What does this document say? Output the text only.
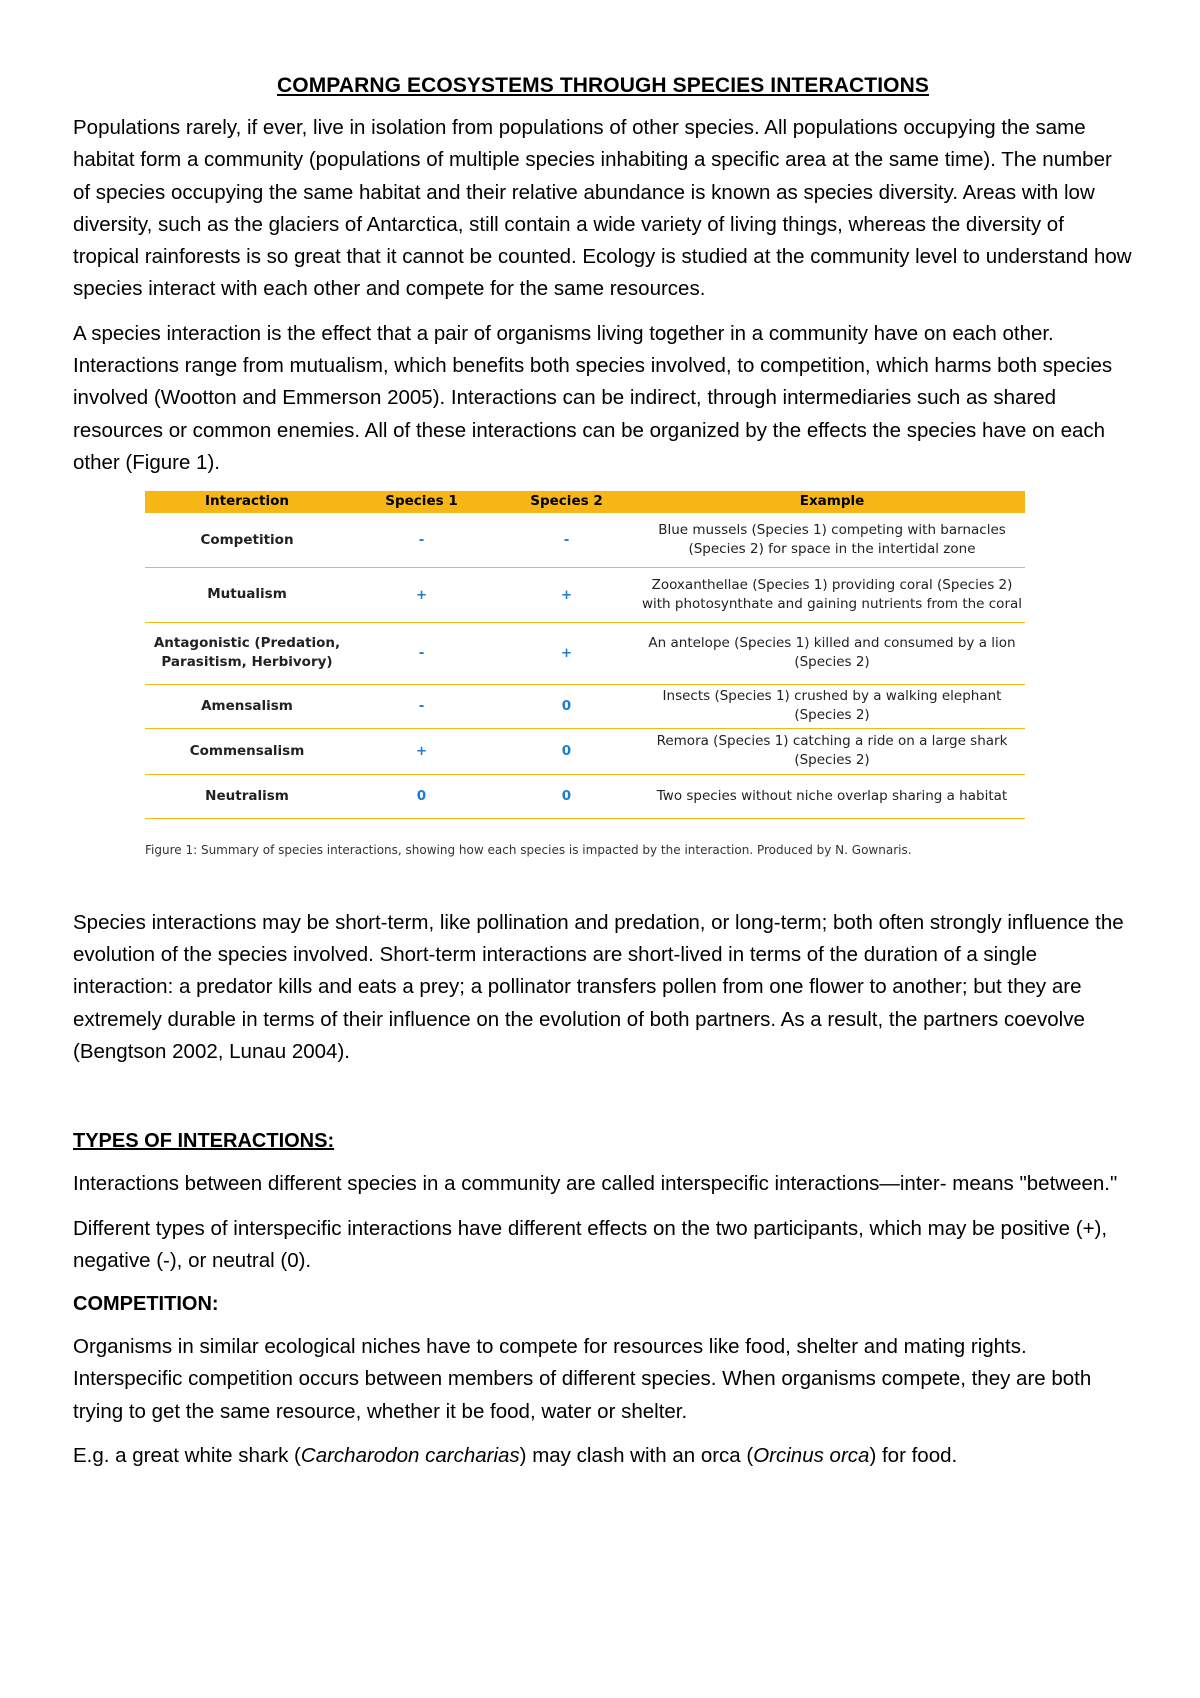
COMPARNG ECOSYSTEMS THROUGH SPECIES INTERACTIONS

Populations rarely, if ever, live in isolation from populations of other species. All populations occupying the same habitat form a community (populations of multiple species inhabiting a specific area at the same time). The number of species occupying the same habitat and their relative abundance is known as species diversity. Areas with low diversity, such as the glaciers of Antarctica, still contain a wide variety of living things, whereas the diversity of tropical rainforests is so great that it cannot be counted. Ecology is studied at the community level to understand how species interact with each other and compete for the same resources.

A species interaction is the effect that a pair of organisms living together in a community have on each other. Interactions range from mutualism, which benefits both species involved, to competition, which harms both species involved (Wootton and Emmerson 2005). Interactions can be indirect, through intermediaries such as shared resources or common enemies. All of these interactions can be organized by the effects the species have on each other (Figure 1).

Interaction	Species 1	Species 2	Example
Competition	-	-	Blue mussels (Species 1) competing with barnacles (Species 2) for space in the intertidal zone
Mutualism	+	+	Zooxanthellae (Species 1) providing coral (Species 2) with photosynthate and gaining nutrients from the coral
Antagonistic (Predation, Parasitism, Herbivory)	-	+	An antelope (Species 1) killed and consumed by a lion (Species 2)
Amensalism	-	0	Insects (Species 1) crushed by a walking elephant (Species 2)
Commensalism	+	0	Remora (Species 1) catching a ride on a large shark (Species 2)
Neutralism	0	0	Two species without niche overlap sharing a habitat
Figure 1: Summary of species interactions, showing how each species is impacted by the interaction. Produced by N. Gownaris.

Species interactions may be short-term, like pollination and predation, or long-term; both often strongly influence the evolution of the species involved. Short-term interactions are short-lived in terms of the duration of a single interaction: a predator kills and eats a prey; a pollinator transfers pollen from one flower to another; but they are extremely durable in terms of their influence on the evolution of both partners. As a result, the partners coevolve (Bengtson 2002, Lunau 2004).

TYPES OF INTERACTIONS:

Interactions between different species in a community are called interspecific interactions—inter- means "between."

Different types of interspecific interactions have different effects on the two participants, which may be positive (+), negative (-), or neutral (0).

COMPETITION:

Organisms in similar ecological niches have to compete for resources like food, shelter and mating rights. Interspecific competition occurs between members of different species. When organisms compete, they are both trying to get the same resource, whether it be food, water or shelter.

E.g. a great white shark (Carcharodon carcharias) may clash with an orca (Orcinus orca) for food.
